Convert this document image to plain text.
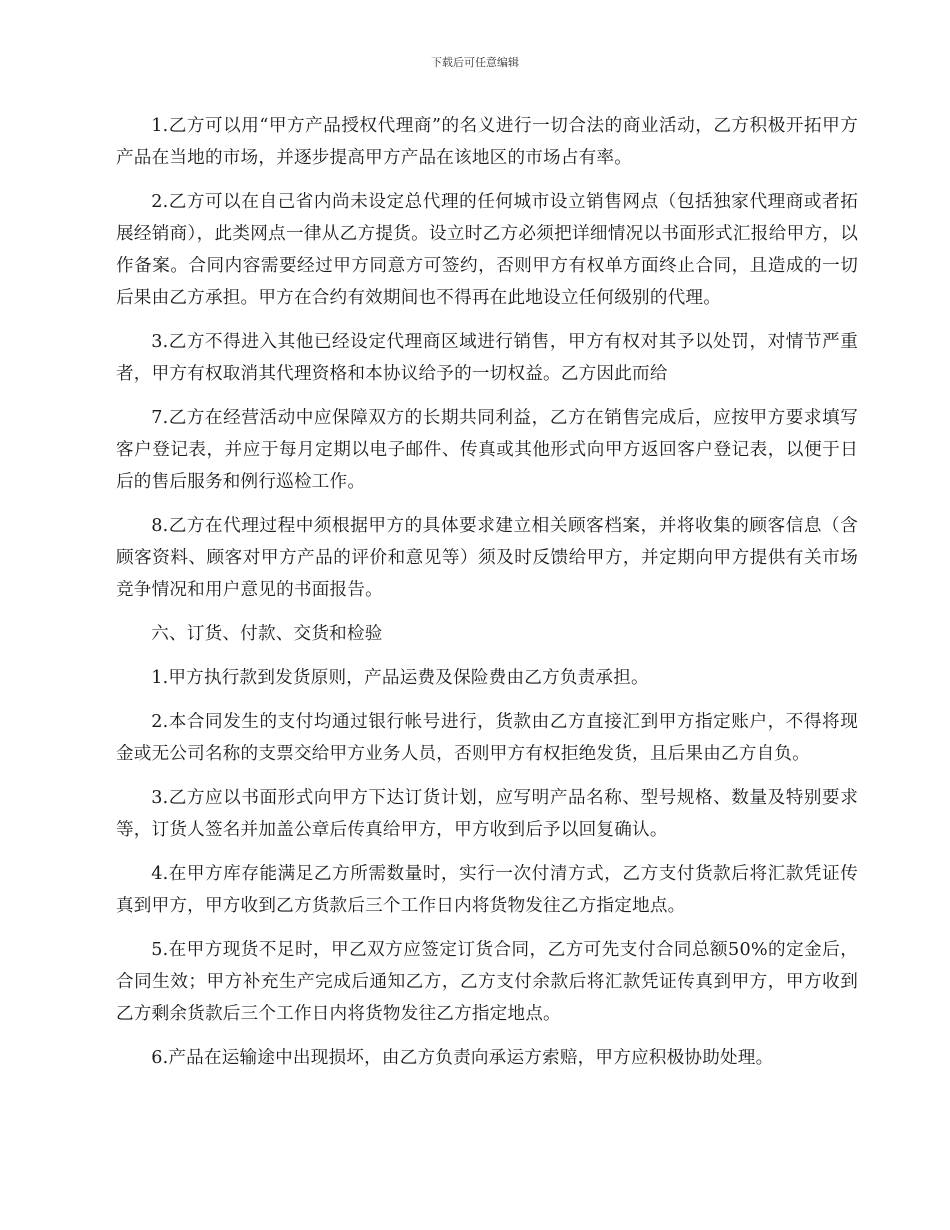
下载后可任意编辑

1.乙方可以用“甲方产品授权代理商”的名义进行一切合法的商业活动，乙方积极开拓甲方产品在当地的市场，并逐步提高甲方产品在该地区的市场占有率。

2.乙方可以在自己省内尚未设定总代理的任何城市设立销售网点（包括独家代理商或者拓展经销商），此类网点一律从乙方提货。设立时乙方必须把详细情况以书面形式汇报给甲方，以作备案。合同内容需要经过甲方同意方可签约，否则甲方有权单方面终止合同，且造成的一切后果由乙方承担。甲方在合约有效期间也不得再在此地设立任何级别的代理。

3.乙方不得进入其他已经设定代理商区域进行销售，甲方有权对其予以处罚，对情节严重者，甲方有权取消其代理资格和本协议给予的一切权益。乙方因此而给

7.乙方在经营活动中应保障双方的长期共同利益，乙方在销售完成后，应按甲方要求填写客户登记表，并应于每月定期以电子邮件、传真或其他形式向甲方返回客户登记表，以便于日后的售后服务和例行巡检工作。

8.乙方在代理过程中须根据甲方的具体要求建立相关顾客档案，并将收集的顾客信息（含顾客资料、顾客对甲方产品的评价和意见等）须及时反馈给甲方，并定期向甲方提供有关市场竞争情况和用户意见的书面报告。

六、订货、付款、交货和检验

1.甲方执行款到发货原则，产品运费及保险费由乙方负责承担。

2.本合同发生的支付均通过银行帐号进行，货款由乙方直接汇到甲方指定账户，不得将现金或无公司名称的支票交给甲方业务人员，否则甲方有权拒绝发货，且后果由乙方自负。

3.乙方应以书面形式向甲方下达订货计划，应写明产品名称、型号规格、数量及特别要求等，订货人签名并加盖公章后传真给甲方，甲方收到后予以回复确认。

4.在甲方库存能满足乙方所需数量时，实行一次付清方式，乙方支付货款后将汇款凭证传真到甲方，甲方收到乙方货款后三个工作日内将货物发往乙方指定地点。

5.在甲方现货不足时，甲乙双方应签定订货合同，乙方可先支付合同总额50%的定金后，合同生效；甲方补充生产完成后通知乙方，乙方支付余款后将汇款凭证传真到甲方，甲方收到乙方剩余货款后三个工作日内将货物发往乙方指定地点。

6.产品在运输途中出现损坏，由乙方负责向承运方索赔，甲方应积极协助处理。
